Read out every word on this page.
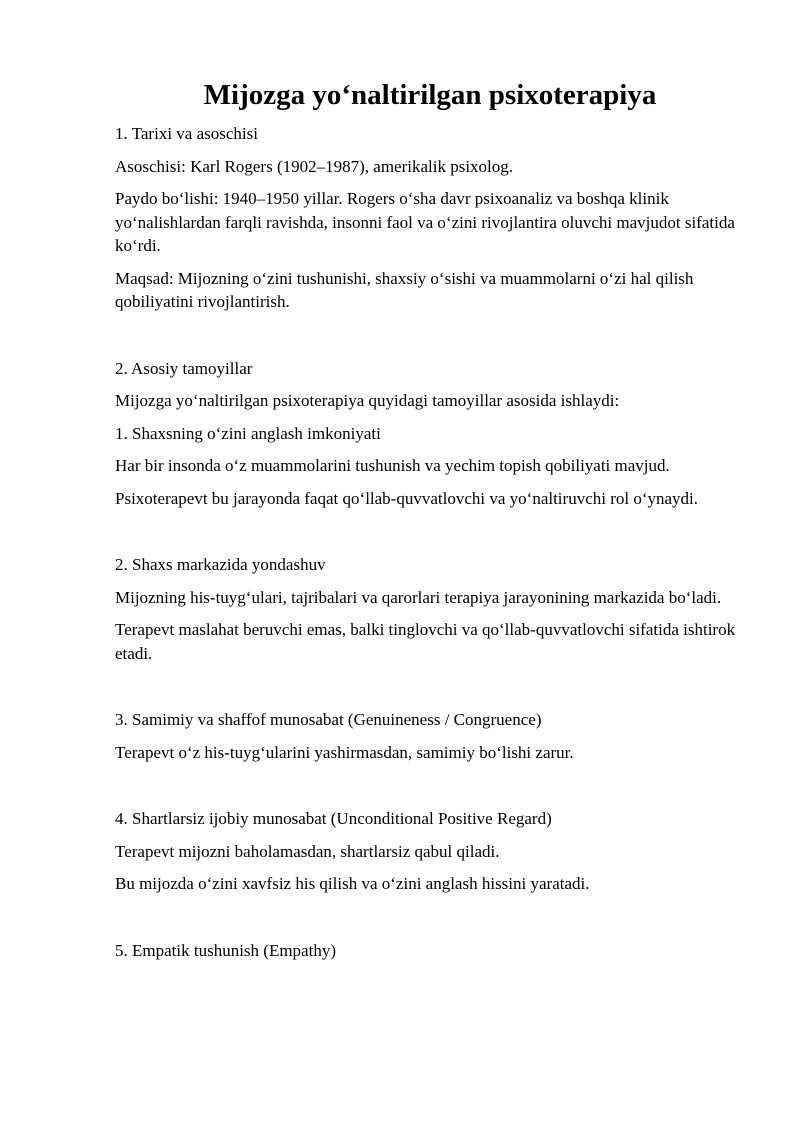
Mijozga yo‘naltirilgan psixoterapiya

1. Tarixi va asoschisi

Asoschisi: Karl Rogers (1902–1987), amerikalik psixolog.

Paydo bo‘lishi: 1940–1950 yillar. Rogers o‘sha davr psixoanaliz va boshqa klinik yo‘nalishlardan farqli ravishda, insonni faol va o‘zini rivojlantira oluvchi mavjudot sifatida ko‘rdi.

Maqsad: Mijozning o‘zini tushunishi, shaxsiy o‘sishi va muammolarni o‘zi hal qilish qobiliyatini rivojlantirish.

2. Asosiy tamoyillar

Mijozga yo‘naltirilgan psixoterapiya quyidagi tamoyillar asosida ishlaydi:

1. Shaxsning o‘zini anglash imkoniyati

Har bir insonda o‘z muammolarini tushunish va yechim topish qobiliyati mavjud.

Psixoterapevt bu jarayonda faqat qo‘llab-quvvatlovchi va yo‘naltiruvchi rol o‘ynaydi.

2. Shaxs markazida yondashuv

Mijozning his-tuyg‘ulari, tajribalari va qarorlari terapiya jarayonining markazida bo‘ladi.

Terapevt maslahat beruvchi emas, balki tinglovchi va qo‘llab-quvvatlovchi sifatida ishtirok etadi.

3. Samimiy va shaffof munosabat (Genuineness / Congruence)

Terapevt o‘z his-tuyg‘ularini yashirmasdan, samimiy bo‘lishi zarur.

4. Shartlarsiz ijobiy munosabat (Unconditional Positive Regard)

Terapevt mijozni baholamasdan, shartlarsiz qabul qiladi.

Bu mijozda o‘zini xavfsiz his qilish va o‘zini anglash hissini yaratadi.

5. Empatik tushunish (Empathy)
